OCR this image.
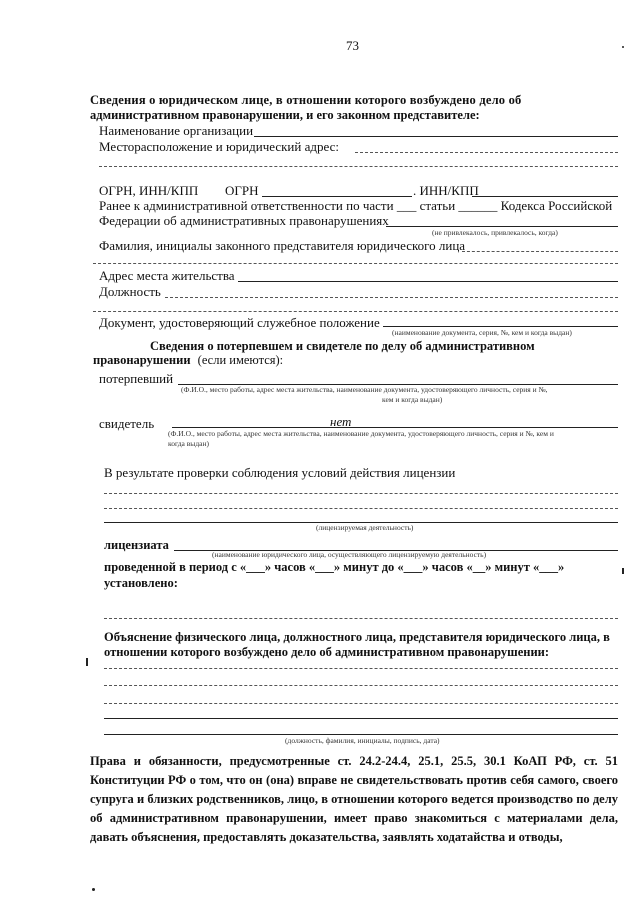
73
Сведения о юридическом лице, в отношении которого возбуждено дело об
административном правонарушении, и его законном представителе:
Наименование организации
Месторасположение и юридический адрес:
ОГРН, ИНН/КПП ОГРН	. ИНН/КПП
Ранее к административной ответственности по части ___ статьи ______ Кодекса Российской
Федерации об административных правонарушениях
(не привлекалось, привлекалось, когда)
Фамилия, инициалы законного представителя юридического лица
Адрес места жительства
Должность
Документ, удостоверяющий служебное положение
(наименование документа, серия, №, кем и когда выдан)
Сведения о потерпевшем и свидетеле по делу об административном
правонарушении (если имеются):
потерпевший
(Ф.И.О., место работы, адрес места жительства, наименование документа, удостоверяющего личность, серия и №,
кем и когда выдан)
свидетель	нет
(Ф.И.О., место работы, адрес места жительства, наименование документа, удостоверяющего личность, серия и №, кем и
когда выдан)
В результате проверки соблюдения условий действия лицензии
(лицензируемая деятельность)
лицензиата
(наименование юридического лица, осуществляющего лицензируемую деятельность)
проведенной в период с «___» часов «___» минут до «___» часов «__» минут «___»
установлено:
Объяснение физического лица, должностного лица, представителя юридического лица, в
отношении которого возбуждено дело об административном правонарушении:
(должность, фамилия, инициалы, подпись, дата)
Права и обязанности, предусмотренные ст. 24.2-24.4, 25.1, 25.5, 30.1 КоАП РФ, ст. 51 Конституции РФ о том, что он (она) вправе не свидетельствовать против себя самого, своего супруга и близких родственников, лицо, в отношении которого ведется производство по делу об административном правонарушении, имеет право знакомиться с материалами дела, давать объяснения, предоставлять доказательства, заявлять ходатайства и отводы,
